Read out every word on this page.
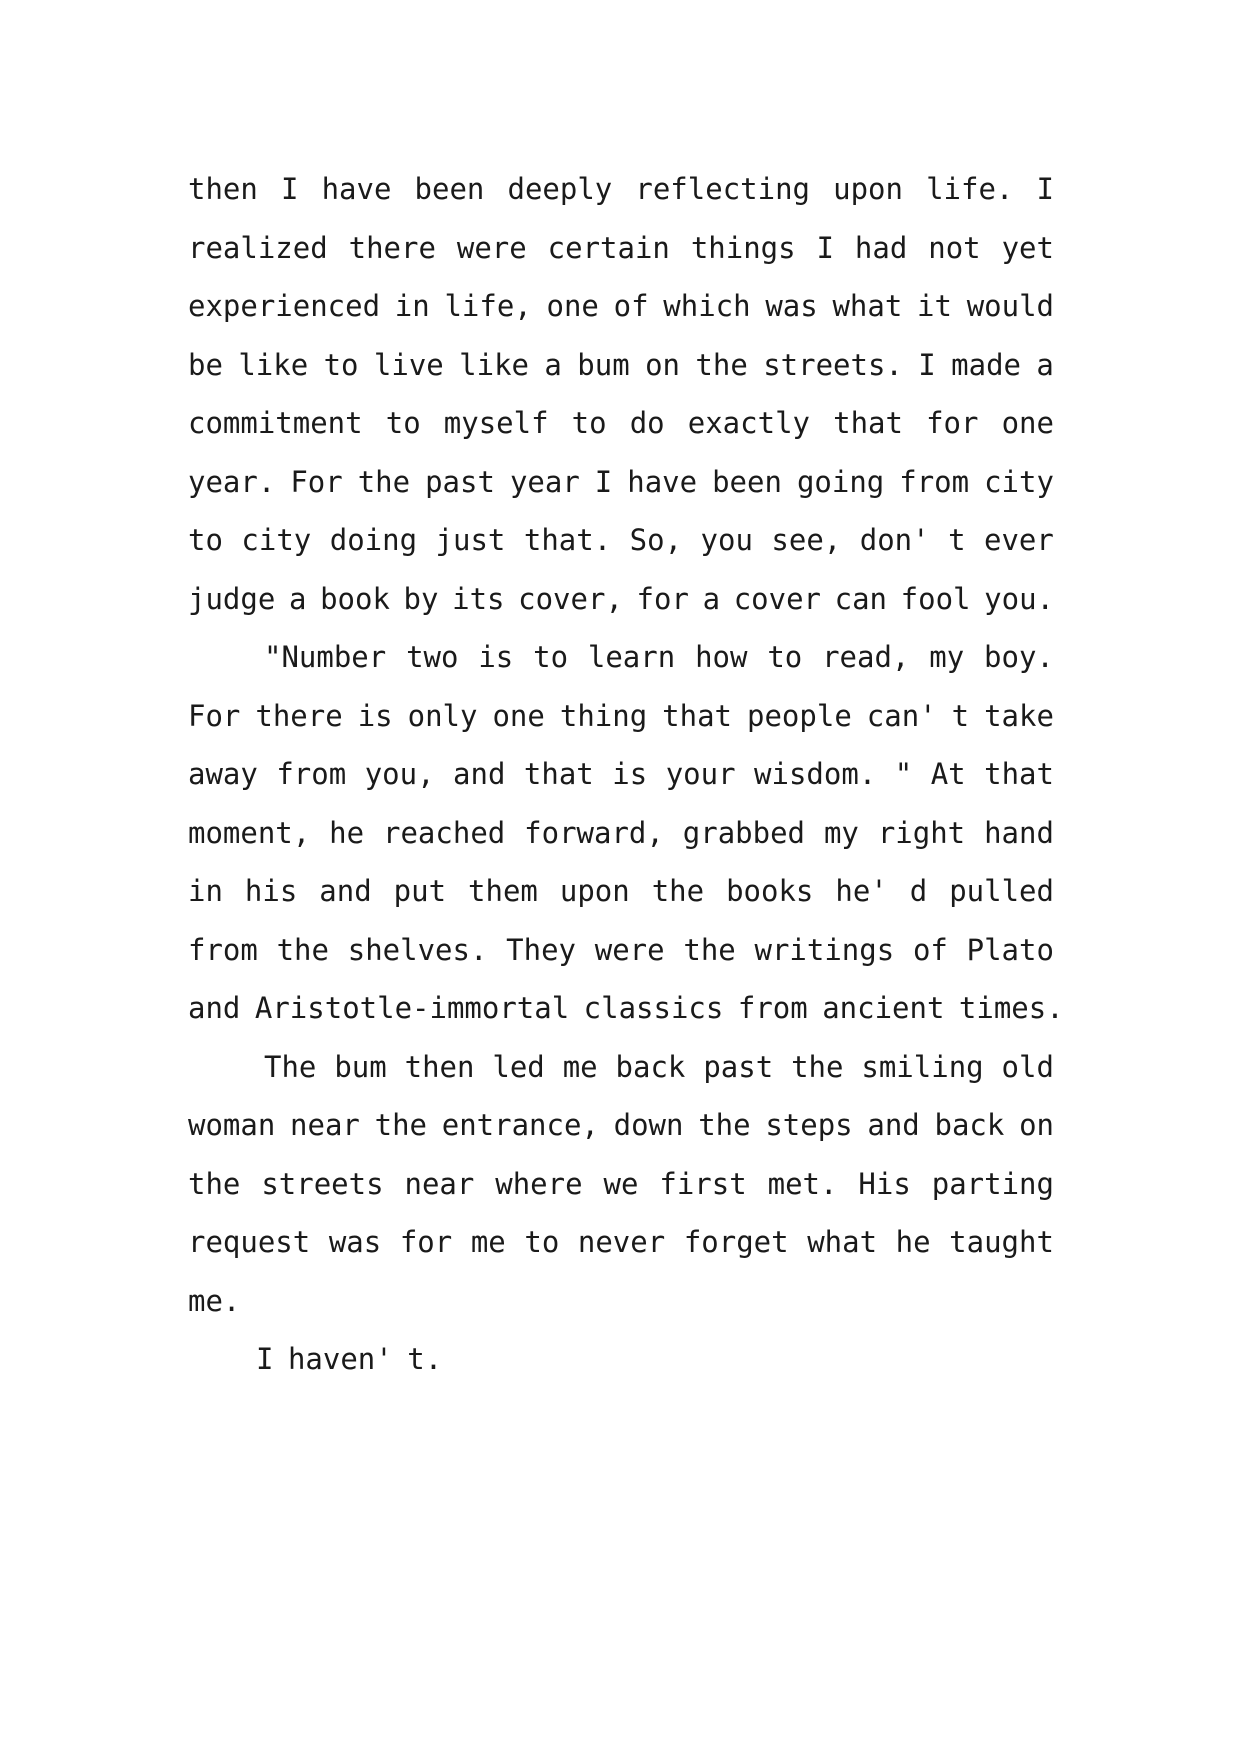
then I have been deeply reflecting upon life. I
realized there were certain things I had not yet
experienced in life, one of which was what it would
be like to live like a bum on the streets. I made a
commitment to myself to do exactly that for one
year. For the past year I have been going from city
to city doing just that. So, you see, don' t ever
judge a book by its cover, for a cover can fool you.
"Number two is to learn how to read, my boy.
For there is only one thing that people can' t take
away from you, and that is your wisdom. " At that
moment, he reached forward, grabbed my right hand
in his and put them upon the books he' d pulled
from the shelves. They were the writings of Plato
and Aristotle-immortal classics from ancient times.
The bum then led me back past the smiling old
woman near the entrance, down the steps and back on
the streets near where we first met. His parting
request was for me to never forget what he taught
me.
I haven' t.
